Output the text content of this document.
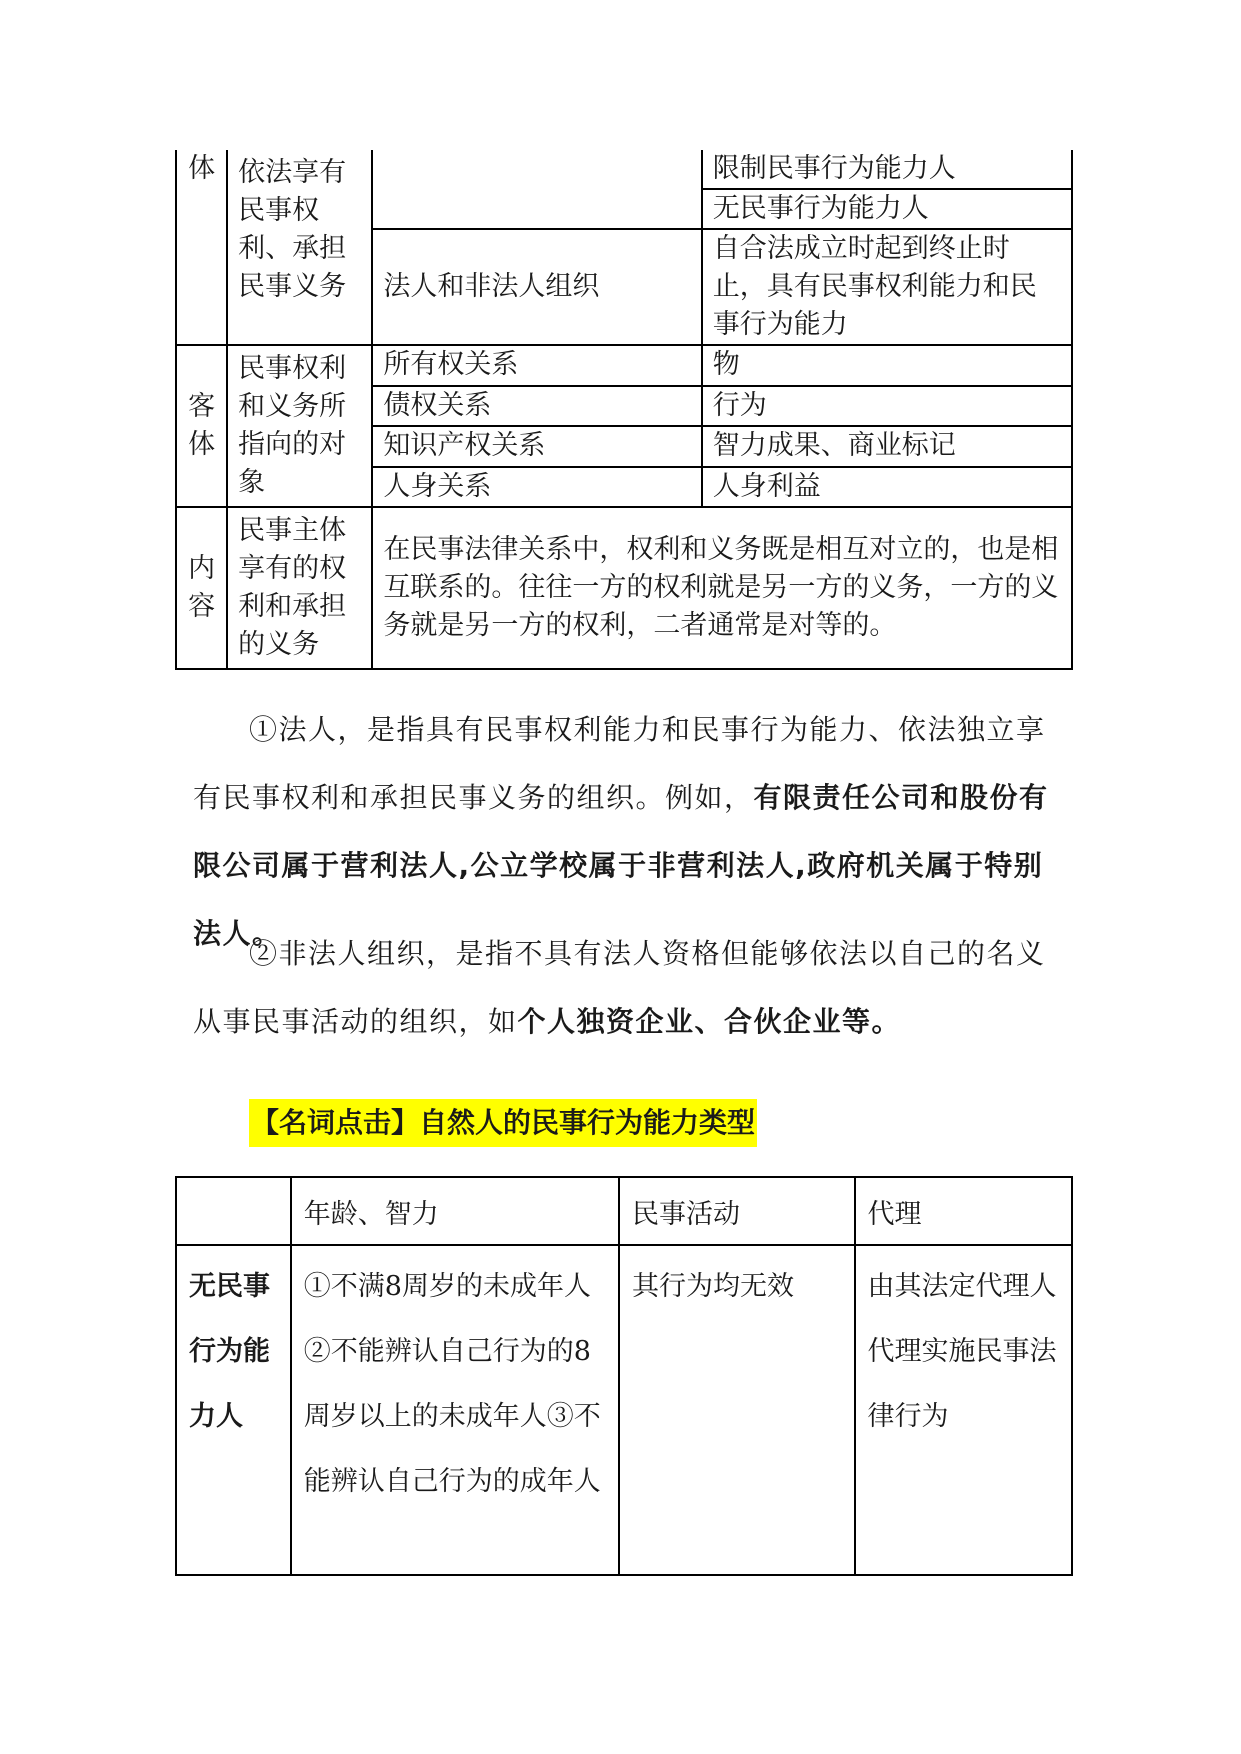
体	依法享有民事权利、承担民事义务		限制民事行为能力人
			无民事行为能力人
		法人和非法人组织	自合法成立时起到终止时止，具有民事权利能力和民事行为能力
客体	民事权利和义务所指向的对象	所有权关系	物
		债权关系	行为
		知识产权关系	智力成果、商业标记
		人身关系	人身利益
内容	民事主体享有的权利和承担的义务	在民事法律关系中，权利和义务既是相互对立的，也是相互联系的。往往一方的权利就是另一方的义务，一方的义务就是另一方的权利，二者通常是对等的。	

①法人，是指具有民事权利能力和民事行为能力、依法独立享有民事权利和承担民事义务的组织。例如，有限责任公司和股份有限公司属于营利法人,公立学校属于非营利法人,政府机关属于特别法人。

②非法人组织，是指不具有法人资格但能够依法以自己的名义从事民事活动的组织，如个人独资企业、合伙企业等。

【名词点击】自然人的民事行为能力类型
	年龄、智力	民事活动	代理
无民事行为能力人	①不满8周岁的未成年人②不能辨认自己行为的8周岁以上的未成年人③不能辨认自己行为的成年人	其行为均无效	由其法定代理人代理实施民事法律行为
